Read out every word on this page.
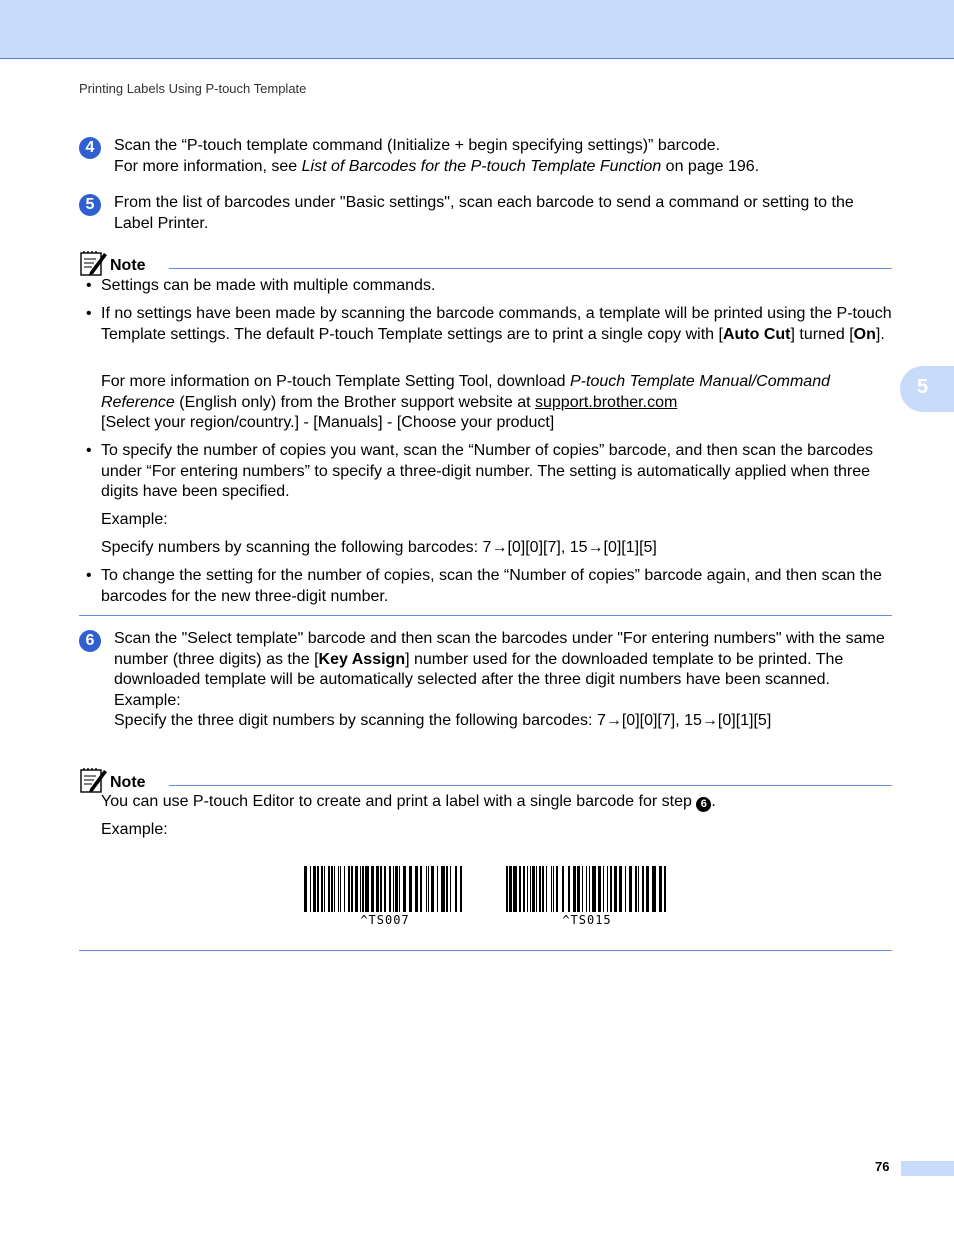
Printing Labels Using P-touch Template
5
4	Scan the “P-touch template command (Initialize + begin specifying settings)” barcode.
For more information, see List of Barcodes for the P-touch Template Function on page 196.
5	From the list of barcodes under "Basic settings", scan each barcode to send a command or setting to the Label Printer.
Note
• Settings can be made with multiple commands.
• If no settings have been made by scanning the barcode commands, a template will be printed using the P-touch Template settings. The default P-touch Template settings are to print a single copy with [Auto Cut] turned [On].
For more information on P-touch Template Setting Tool, download P-touch Template Manual/Command Reference (English only) from the Brother support website at support.brother.com
[Select your region/country.] - [Manuals] - [Choose your product]
• To specify the number of copies you want, scan the “Number of copies” barcode, and then scan the barcodes under “For entering numbers” to specify a three-digit number. The setting is automatically applied when three digits have been specified.
Example:
Specify numbers by scanning the following barcodes: 7→[0][0][7], 15→[0][1][5]
• To change the setting for the number of copies, scan the “Number of copies” barcode again, and then scan the barcodes for the new three-digit number.
6	Scan the "Select template" barcode and then scan the barcodes under "For entering numbers" with the same number (three digits) as the [Key Assign] number used for the downloaded template to be printed. The downloaded template will be automatically selected after the three digit numbers have been scanned.
Example:
Specify the three digit numbers by scanning the following barcodes: 7→[0][0][7], 15→[0][1][5]
Note
You can use P-touch Editor to create and print a label with a single barcode for step 6 .
Example:
^TS007	^TS015
76
